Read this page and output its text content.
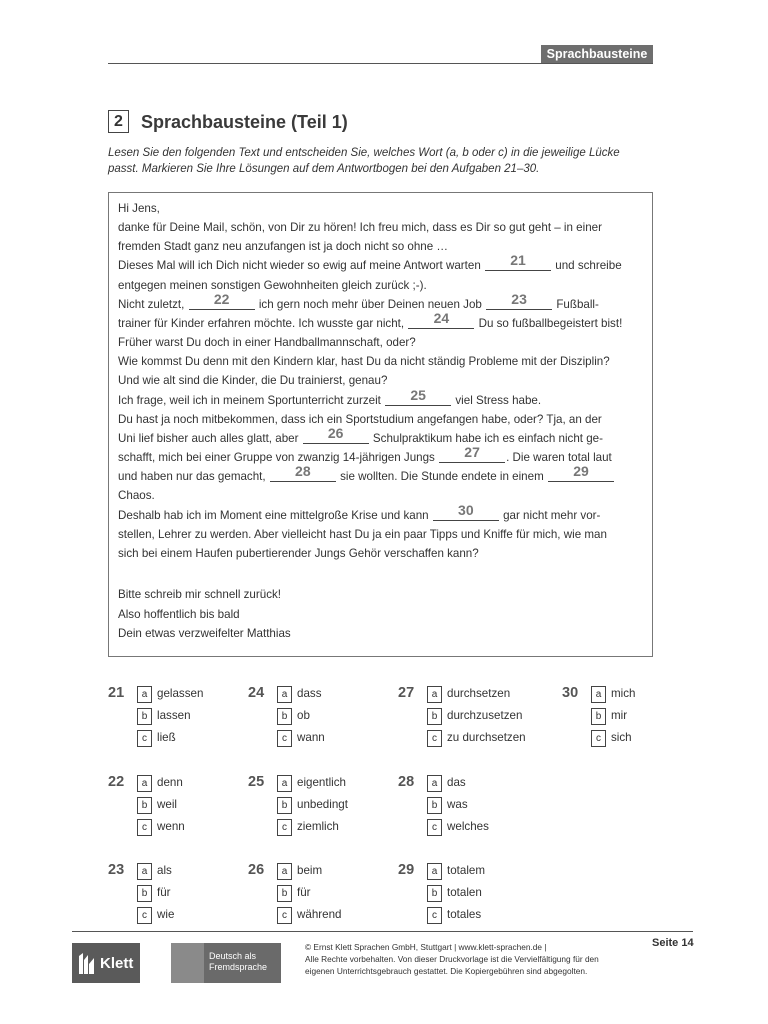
Sprachbausteine
2	Sprachbausteine (Teil 1)
Lesen Sie den folgenden Text und entscheiden Sie, welches Wort (a, b oder c) in die jeweilige Lücke
passt. Markieren Sie Ihre Lösungen auf dem Antwortbogen bei den Aufgaben 21–30.

Hi Jens,

danke für Deine Mail, schön, von Dir zu hören! Ich freu mich, dass es Dir so gut geht – in einer

fremden Stadt ganz neu anzufangen ist ja doch nicht so ohne …

Dieses Mal will ich Dich nicht wieder so ewig auf meine Antwort warten 21	und schreibe

entgegen meinen sonstigen Gewohnheiten gleich zurück ;-).

Nicht zuletzt, 22	ich gern noch mehr über Deinen neuen Job 23	Fußball-

trainer für Kinder erfahren möchte. Ich wusste gar nicht, 24	Du so fußballbegeistert bist!

Früher warst Du doch in einer Handballmannschaft, oder?

Wie kommst Du denn mit den Kindern klar, hast Du da nicht ständig Probleme mit der Disziplin?

Und wie alt sind die Kinder, die Du trainierst, genau?

Ich frage, weil ich in meinem Sportunterricht zurzeit 25	viel Stress habe.

Du hast ja noch mitbekommen, dass ich ein Sportstudium angefangen habe, oder? Tja, an der

Uni lief bisher auch alles glatt, aber 26	Schulpraktikum habe ich es einfach nicht ge-

schafft, mich bei einer Gruppe von zwanzig 14-jährigen Jungs 27 . Die waren total laut

und haben nur das gemacht, 28	sie wollten. Die Stunde endete in einem 29

Chaos.

Deshalb hab ich im Moment eine mittelgroße Krise und kann 30	gar nicht mehr vor-

stellen, Lehrer zu werden. Aber vielleicht hast Du ja ein paar Tipps und Kniffe für mich, wie man

sich bei einem Haufen pubertierender Jungs Gehör verschaffen kann?

Bitte schreib mir schnell zurück!

Also hoffentlich bis bald

Dein etwas verzweifelter Matthias

21	a gelassen
b lassen
c ließ
22	a denn
b weil
c wenn
23	a als
b für
c wie
24	a dass
b ob
c wann
25	a eigentlich
b unbedingt
c ziemlich
26	a beim
b für
c während
27	a durchsetzen
b durchzusetzen
c zu durchsetzen
28	a das
b was
c welches
29	a totalem
b totalen
c totales
30	a mich
b mir
c sich
Seite 14
Klett	Deutsch als
Fremdsprache

© Ernst Klett Sprachen GmbH, Stuttgart | www.klett-sprachen.de |

Alle Rechte vorbehalten. Von dieser Druckvorlage ist die Vervielfältigung für den

eigenen Unterrichtsgebrauch gestattet. Die Kopiergebühren sind abgegolten.
